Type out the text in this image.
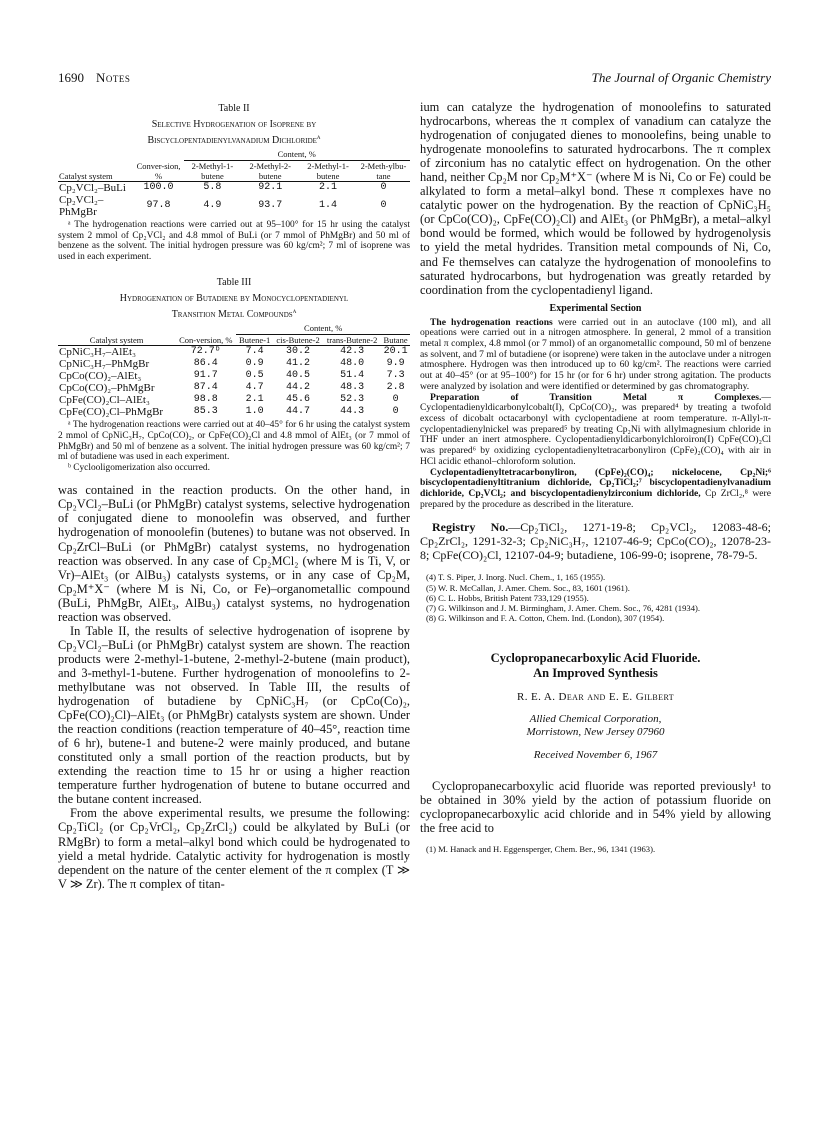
1690 Notes	The Journal of Organic Chemistry
Table II
Selective Hydrogenation of Isoprene by
Biscyclopentadienylvanadium Dichloride$^a$
		Content, %			
Catalyst system	Conver-sion, %	2-Methyl-1-butene	2-Methyl-2-butene	2-Methyl-1-butene	2-Meth-ylbu-tane
Cp₂VCl₂–BuLi	100.0	5.8	92.1	2.1	0
Cp₂VCl₂–PhMgBr	97.8	4.9	93.7	1.4	0
ᵃ The hydrogenation reactions were carried out at 95–100° for 15 hr using the catalyst system 2 mmol of Cp₂VCl₂ and 4.8 mmol of BuLi (or 7 mmol of PhMgBr) and 50 ml of benzene as the solvent. The initial hydrogen pressure was 60 kg/cm²; 7 ml of isoprene was used in each experiment.
Table III
Hydrogenation of Butadiene by Monocyclopentadienyl
Transition Metal Compounds$^a$
		Content, %			
Catalyst system	Con-version, %	Butene-1	cis-Butene-2	trans-Butene-2	Butane
CpNiC₃H₇–AlEt₃	72.7ᵇ	7.4	30.2	42.3	20.1
CpNiC₃H₇–PhMgBr	86.4	0.9	41.2	48.0	9.9
CpCo(CO)₂–AlEt₃	91.7	0.5	40.5	51.4	7.3
CpCo(CO)₂–PhMgBr	87.4	4.7	44.2	48.3	2.8
CpFe(CO)₂Cl–AlEt₃	98.8	2.1	45.6	52.3	0
CpFe(CO)₂Cl–PhMgBr	85.3	1.0	44.7	44.3	0
ᵃ The hydrogenation reactions were carried out at 40–45° for 6 hr using the catalyst system 2 mmol of CpNiC₃H₇, CpCo(CO)₂, or CpFe(CO)₂Cl and 4.8 mmol of AlEt₃ (or 7 mmol of PhMgBr) and 50 ml of benzene as a solvent. The initial hydrogen pressure was 60 kg/cm²; 7 ml of butadiene was used in each experiment.
ᵇ Cyclooligomerization also occurred.

was contained in the reaction products. On the other hand, in Cp₂VCl₂–BuLi (or PhMgBr) catalyst systems, selective hydrogenation of conjugated diene to monoolefin was observed, and further hydrogenation of monoolefin (butenes) to butane was not observed. In Cp₂ZrCl–BuLi (or PhMgBr) catalyst systems, no hydrogenation reaction was observed. In any case of Cp₂MCl₂ (where M is Ti, V, or Vr)–AlEt₃ (or AlBu₃) catalysts systems, or in any case of Cp₂M, Cp₂M⁺X⁻ (where M is Ni, Co, or Fe)–organometallic compound (BuLi, PhMgBr, AlEt₃, AlBu₃) catalyst systems, no hydrogenation reaction was observed.

In Table II, the results of selective hydrogenation of isoprene by Cp₂VCl₂–BuLi (or PhMgBr) catalyst system are shown. The reaction products were 2-methyl-1-butene, 2-methyl-2-butene (main product), and 3-methyl-1-butene. Further hydrogenation of monoolefins to 2-methylbutane was not observed. In Table III, the results of hydrogenation of butadiene by CpNiC₃H₇ (or CpCo(Co)₂, CpFe(CO)₂Cl)–AlEt₃ (or PhMgBr) catalysts system are shown. Under the reaction conditions (reaction temperature of 40–45°, reaction time of 6 hr), butene-1 and butene-2 were mainly produced, and butane constituted only a small portion of the reaction products, but by extending the reaction time to 15 hr or using a higher reaction temperature further hydrogenation of butene to butane occurred and the butane content increased.

From the above experimental results, we presume the following: Cp₂TiCl₂ (or Cp₂VrCl₂, Cp₂ZrCl₂) could be alkylated by BuLi (or RMgBr) to form a metal–alkyl bond which could be hydrogenated to yield a metal hydride. Catalytic activity for hydrogenation is mostly dependent on the nature of the center element of the π complex (T ≫ V ≫ Zr). The π complex of titan-

ium can catalyze the hydrogenation of monoolefins to saturated hydrocarbons, whereas the π complex of vanadium can catalyze the hydrogenation of conjugated dienes to monoolefins, being unable to hydrogenate monoolefins to saturated hydrocarbons. The π complex of zirconium has no catalytic effect on hydrogenation. On the other hand, neither Cp₂M nor Cp₂M⁺X⁻ (where M is Ni, Co or Fe) could be alkylated to form a metal–alkyl bond. These π complexes have no catalytic power on the hydrogenation. By the reaction of CpNiC₃H₅ (or CpCo(CO)₂, CpFe(CO)₂Cl) and AlEt₃ (or PhMgBr), a metal–alkyl bond would be formed, which would be followed by hydrogenolysis to yield the metal hydrides. Transition metal compounds of Ni, Co, and Fe themselves can catalyze the hydrogenation of monoolefins to saturated hydrocarbons, but hydrogenation was greatly retarded by coordination from the cyclopentadienyl ligand.

Experimental Section

The hydrogenation reactions were carried out in an autoclave (100 ml), and all opeations were carried out in a nitrogen atmosphere. In general, 2 mmol of a transition metal π complex, 4.8 mmol (or 7 mmol) of an organometallic compound, 50 ml of benzene as solvent, and 7 ml of butadiene (or isoprene) were taken in the autoclave under a nitrogen atmosphere. Hydrogen was then introduced up to 60 kg/cm². The reactions were carried out at 40–45° (or at 95–100°) for 15 hr (or for 6 hr) under strong agitation. The products were analyzed by isolation and were identified or determined by gas chromatography.

Preparation of Transition Metal π Complexes.—Cyclopentadienyldicarbonylcobalt(I), CpCo(CO)₂, was prepared⁴ by treating a twofold excess of dicobalt octacarbonyl with cyclopentadiene at room temperature. π-Allyl-π-cyclopentadienylnickel was prepared⁵ by treating Cp₂Ni with allylmagnesium chloride in THF under an inert atmosphere. Cyclopentadienyldicarbonylchloroiron(I) CpFe(CO)₂Cl was prepared⁶ by oxidizing cyclopentadienyltetracarbonyliron (CpFe)₂(CO)₄ with air in HCl acidic ethanol–chloroform solution.

Cyclopentadienyltetracarbonyliron, (CpFe)₂(CO)₄; nickelocene, Cp₂Ni;⁶ biscyclopentadienyltitranium dichloride, Cp₂TiCl₂;⁷ biscyclopentadienylvanadium dichloride, Cp₂VCl₂; and biscyclopentadienylzirconium dichloride, Cp ZrCl₂,⁸ were prepared by the procedure as described in the literature.

Registry No.—Cp₂TiCl₂, 1271-19-8; Cp₂VCl₂, 12083-48-6; Cp₂ZrCl₂, 1291-32-3; Cp₂NiC₃H₇, 12107-46-9; CpCo(CO)₂, 12078-23-8; CpFe(CO)₂Cl, 12107-04-9; butadiene, 106-99-0; isoprene, 78-79-5.
(4) T. S. Piper, J. Inorg. Nucl. Chem., 1, 165 (1955).
(5) W. R. McCallan, J. Amer. Chem. Soc., 83, 1601 (1961).
(6) C. L. Hobbs, British Patent 733,129 (1955).
(7) G. Wilkinson and J. M. Birmingham, J. Amer. Chem. Soc., 76, 4281 (1934).
(8) G. Wilkinson and F. A. Cotton, Chem. Ind. (London), 307 (1954).
Cyclopropanecarboxylic Acid Fluoride.
An Improved Synthesis
R. E. A. Dear and E. E. Gilbert
Allied Chemical Corporation,
Morristown, New Jersey 07960
Received November 6, 1967

Cyclopropanecarboxylic acid fluoride was reported previously¹ to be obtained in 30% yield by the action of potassium fluoride on cyclopropanecarboxylic acid chloride and in 54% yield by allowing the free acid to

(1) M. Hanack and H. Eggensperger, Chem. Ber., 96, 1341 (1963).
